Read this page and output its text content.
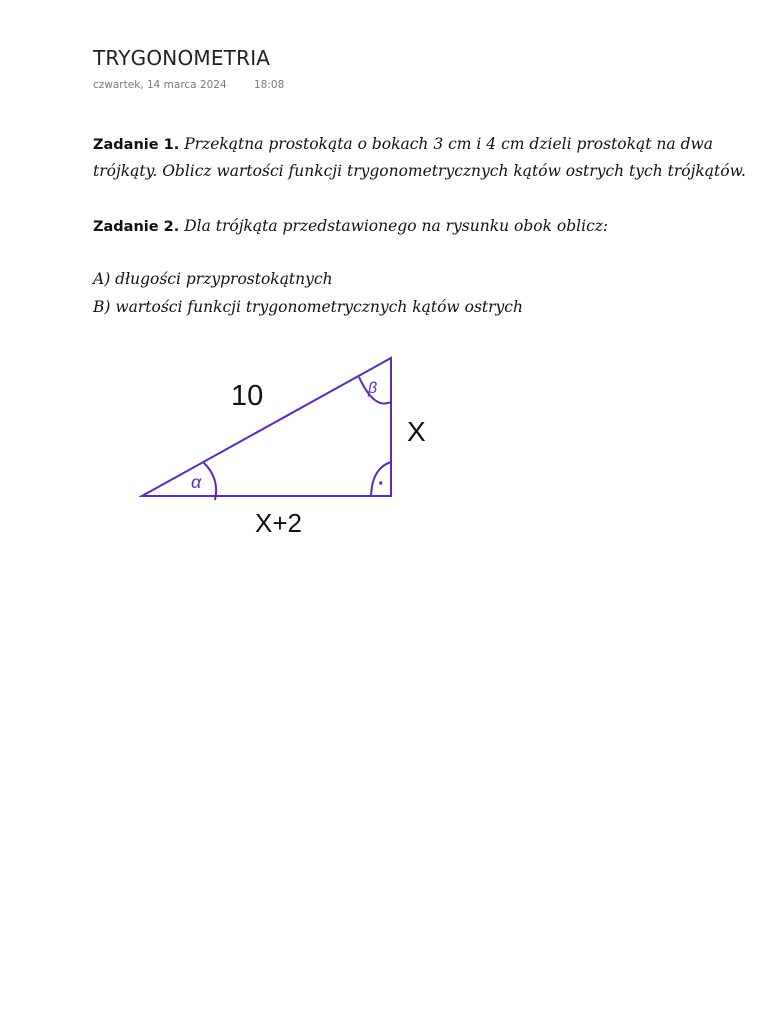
TRYGONOMETRIA
czwartek, 14 marca 2024	18:08
Zadanie 1. Przekątna prostokąta o bokach 3 cm i 4 cm dzieli prostokąt na dwa
trójkąty. Oblicz wartości funkcji trygonometrycznych kątów ostrych tych trójkątów.
Zadanie 2. Dla trójkąta przedstawionego na rysunku obok oblicz:
A) długości przyprostokątnych
B) wartości funkcji trygonometrycznych kątów ostrych
α
β
·
10
X
X+2
